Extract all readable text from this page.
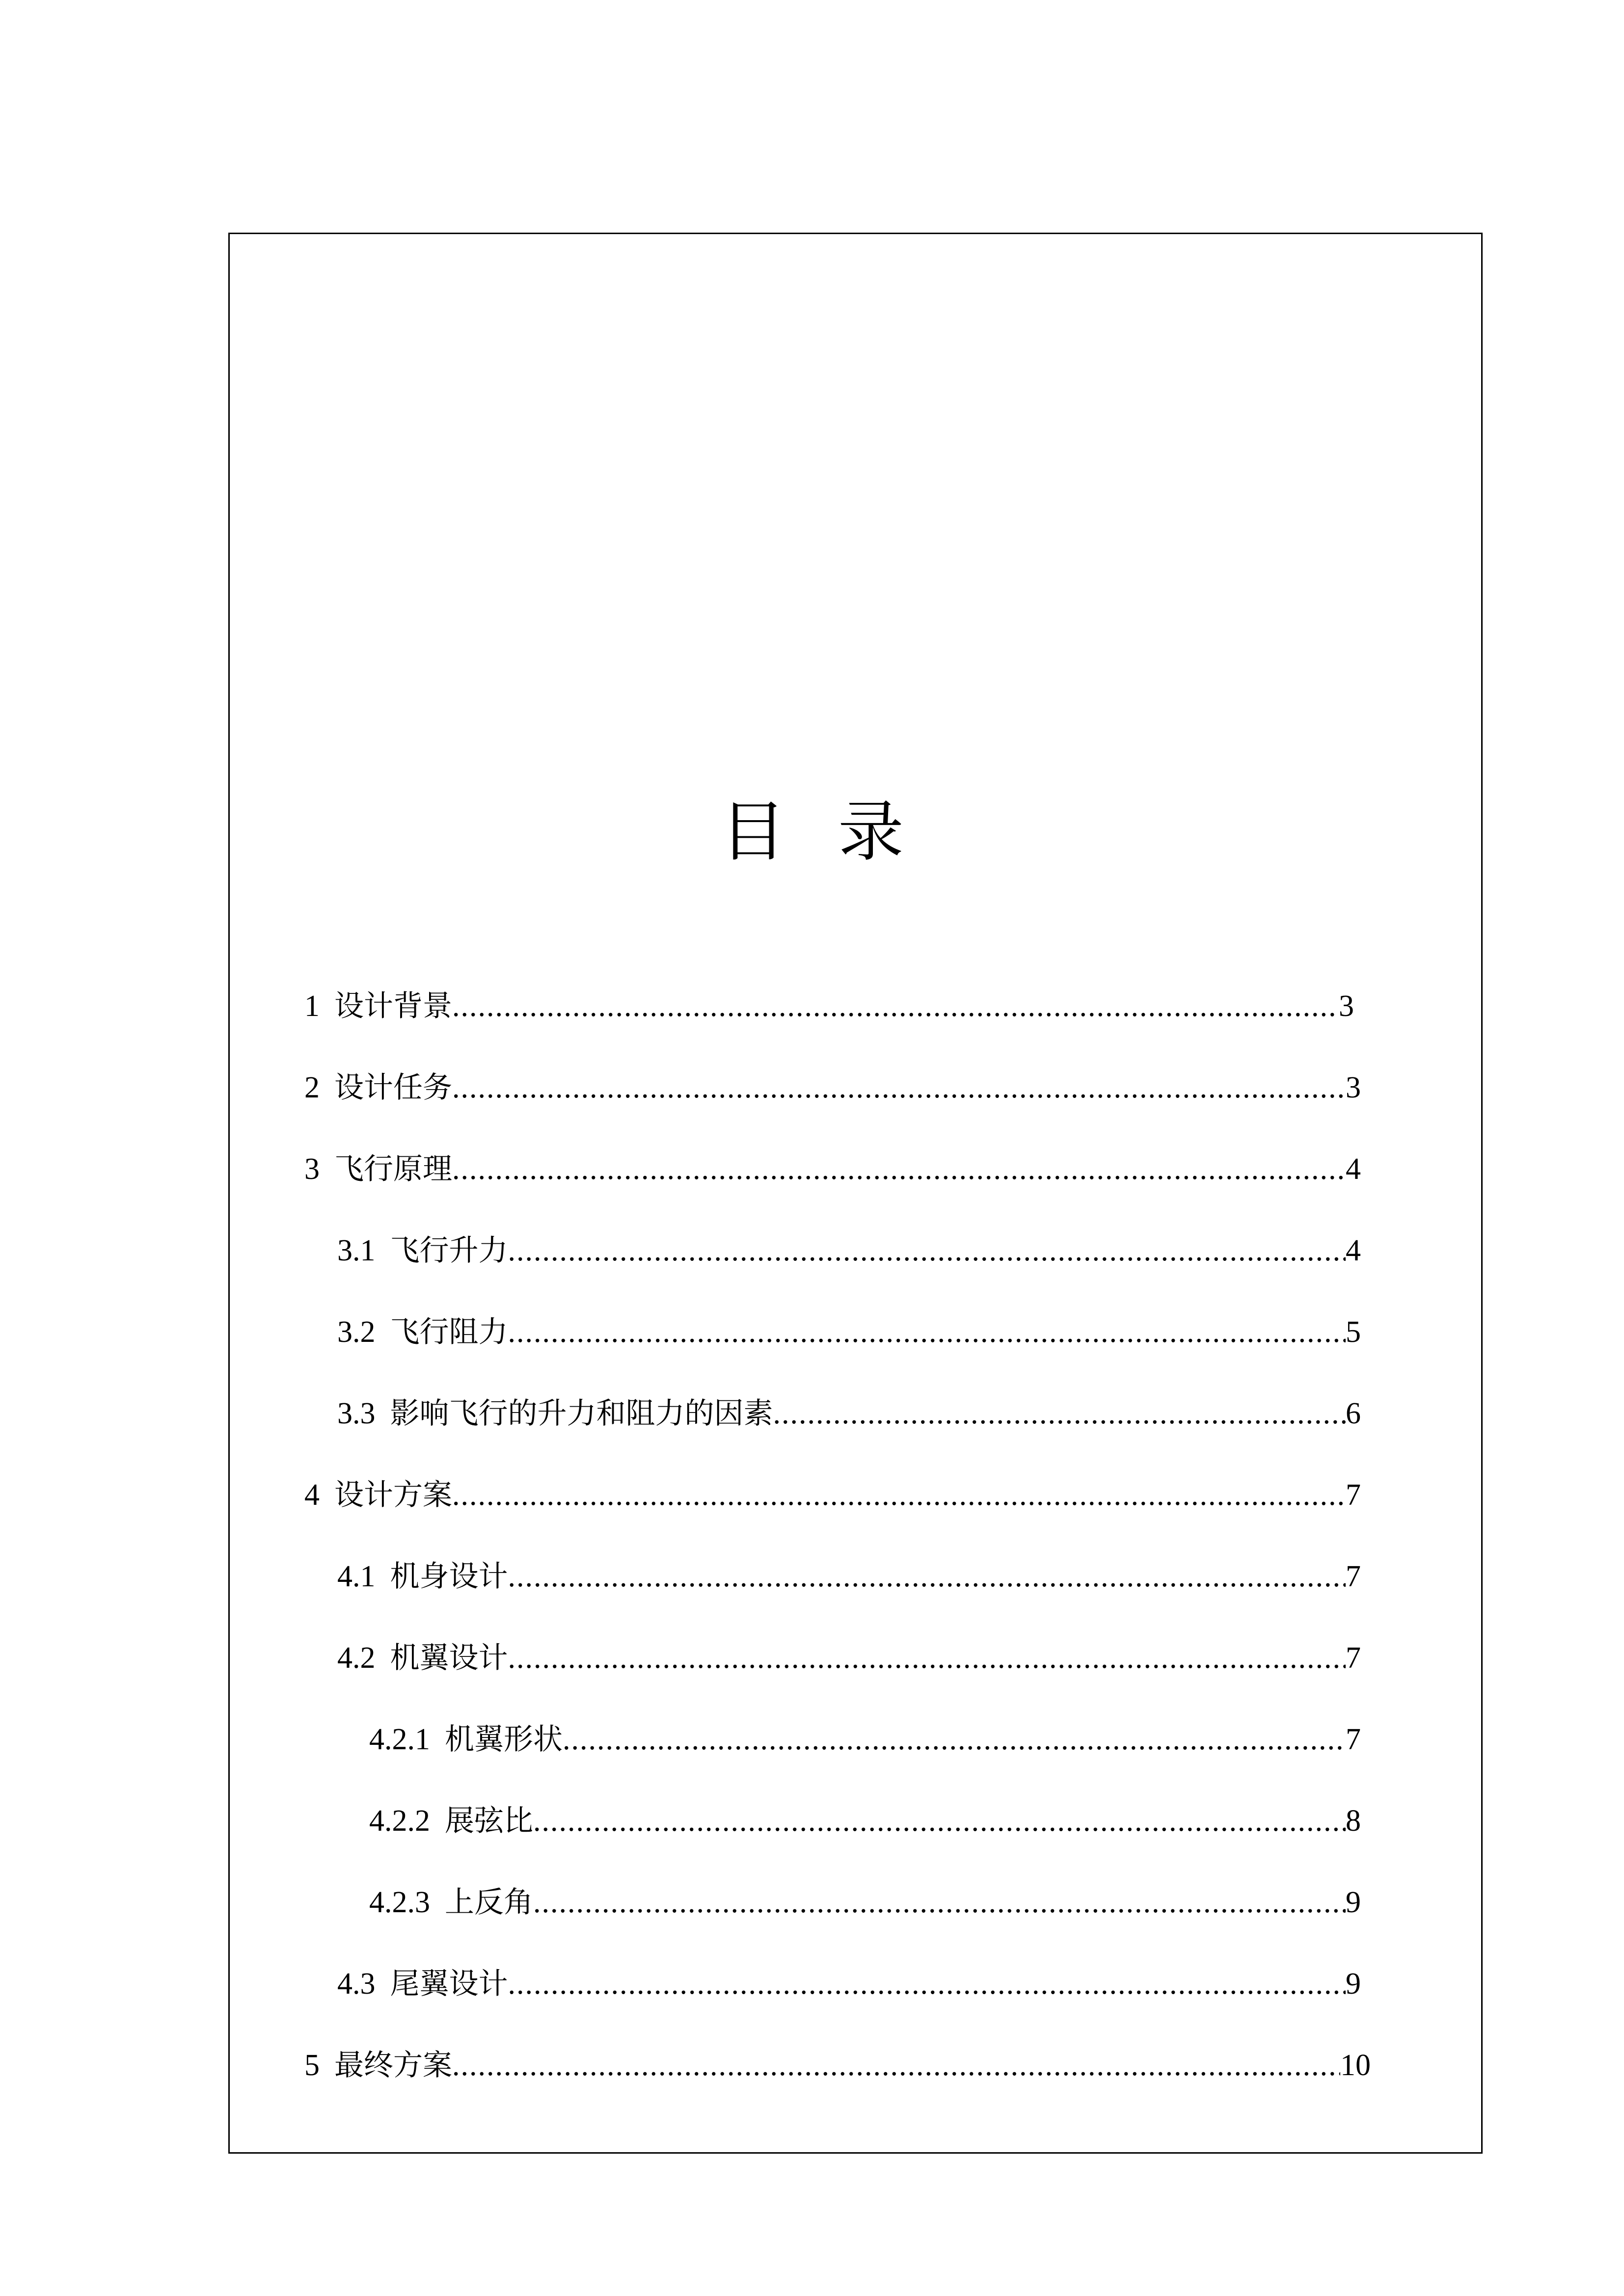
目 录
1 设计背景 .....	3
2 设计任务 .....	3
3 飞行原理 .....	4
3.1 飞行升力 .....	4
3.2 飞行阻力 .....	5
3.3 影响飞行的升力和阻力的因素 .....	6
4 设计方案 .....	7
4.1 机身设计 .....	7
4.2 机翼设计 .....	7
4.2.1 机翼形状 .....	7
4.2.2 展弦比 .....	8
4.2.3 上反角 .....	9
4.3 尾翼设计 .....	9
5 最终方案 .....	10
